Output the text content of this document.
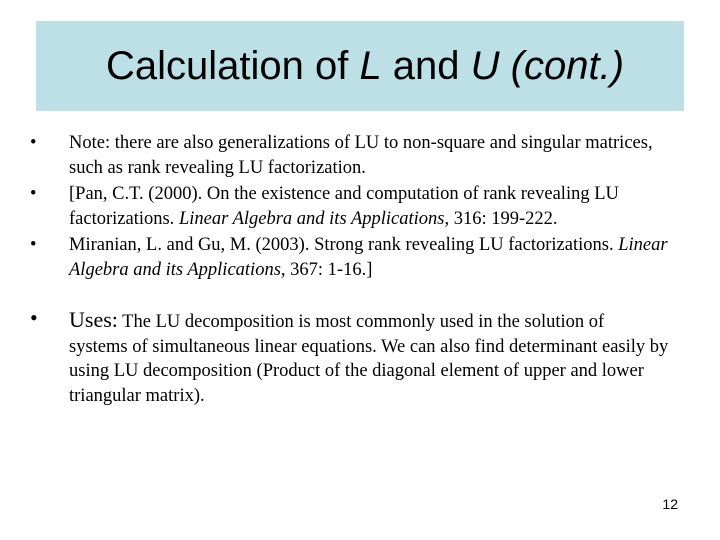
Calculation of L and U (cont.)
•	Note: there are also generalizations of LU to non-square and singular matrices, such as rank revealing LU factorization.
•	[Pan, C.T. (2000). On the existence and computation of rank revealing LU factorizations. Linear Algebra and its Applications, 316: 199-222.
•	Miranian, L. and Gu, M. (2003). Strong rank revealing LU factorizations. Linear Algebra and its Applications, 367: 1-16.]
•	Uses: The LU decomposition is most commonly used in the solution of
systems of simultaneous linear equations. We can also find determinant easily by using LU decomposition (Product of the diagonal element of upper and lower triangular matrix).
12
